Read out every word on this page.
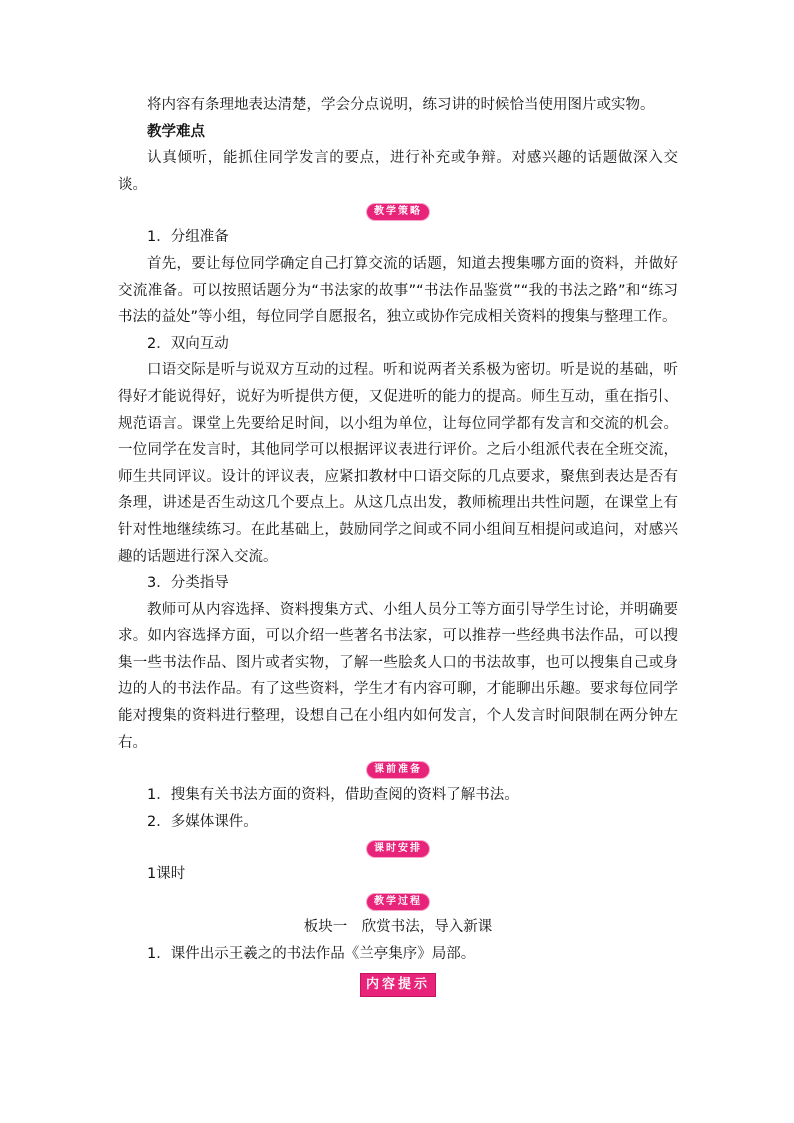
将内容有条理地表达清楚，学会分点说明，练习讲的时候恰当使用图片或实物。

教学难点

认真倾听，能抓住同学发言的要点，进行补充或争辩。对感兴趣的话题做深入交谈。

教学策略

1．分组准备

首先，要让每位同学确定自己打算交流的话题，知道去搜集哪方面的资料，并做好交流准备。可以按照话题分为“书法家的故事”“书法作品鉴赏”“我的书法之路”和“练习书法的益处”等小组，每位同学自愿报名，独立或协作完成相关资料的搜集与整理工作。

2．双向互动

口语交际是听与说双方互动的过程。听和说两者关系极为密切。听是说的基础，听得好才能说得好，说好为听提供方便，又促进听的能力的提高。师生互动，重在指引、规范语言。课堂上先要给足时间，以小组为单位，让每位同学都有发言和交流的机会。一位同学在发言时，其他同学可以根据评议表进行评价。之后小组派代表在全班交流，师生共同评议。设计的评议表，应紧扣教材中口语交际的几点要求，聚焦到表达是否有条理，讲述是否生动这几个要点上。从这几点出发，教师梳理出共性问题，在课堂上有针对性地继续练习。在此基础上，鼓励同学之间或不同小组间互相提问或追问，对感兴趣的话题进行深入交流。

3．分类指导

教师可从内容选择、资料搜集方式、小组人员分工等方面引导学生讨论，并明确要求。如内容选择方面，可以介绍一些著名书法家，可以推荐一些经典书法作品，可以搜集一些书法作品、图片或者实物，了解一些脍炙人口的书法故事，也可以搜集自己或身边的人的书法作品。有了这些资料，学生才有内容可聊，才能聊出乐趣。要求每位同学能对搜集的资料进行整理，设想自己在小组内如何发言，个人发言时间限制在两分钟左右。

课前准备

1．搜集有关书法方面的资料，借助查阅的资料了解书法。

2．多媒体课件。

课时安排

1课时

教学过程

板块一　欣赏书法，导入新课

1．课件出示王羲之的书法作品《兰亭集序》局部。

内容提示
